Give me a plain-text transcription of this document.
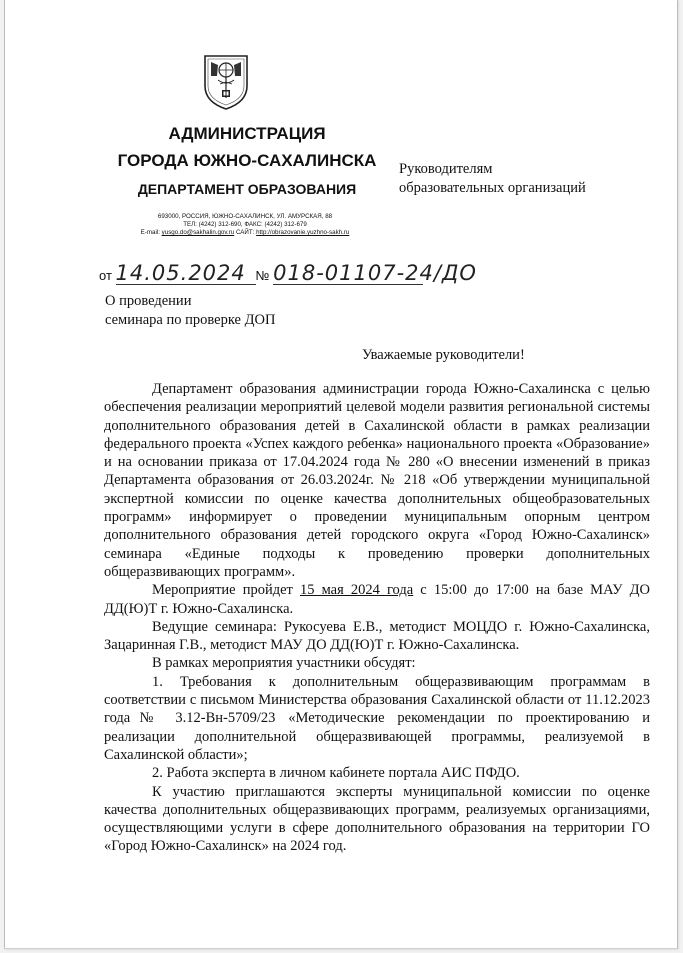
АДМИНИСТРАЦИЯ
ГОРОДА ЮЖНО-САХАЛИНСКА
ДЕПАРТАМЕНТ ОБРАЗОВАНИЯ
693000, РОССИЯ, ЮЖНО-САХАЛИНСК, УЛ. АМУРСКАЯ, 88
ТЕЛ: (4242) 312-690, ФАКС: (4242) 312-679
E-mail: yusgo.do@sakhalin.gov.ru САЙТ: http://obrazovanie.yuzhno-sakh.ru
Руководителям
образовательных организаций
от 14.05.2024 № 018-01107-24/ДО
О проведении
семинара по проверке ДОП
Уважаемые руководители!

Департамент образования администрации города Южно-Сахалинска с целью обеспечения реализации мероприятий целевой модели развития региональной системы дополнительного образования детей в Сахалинской области в рамках реализации федерального проекта «Успех каждого ребенка» национального проекта «Образование» и на основании приказа от 17.04.2024 года № 280 «О внесении изменений в приказ Департамента образования от 26.03.2024г. № 218 «Об утверждении муниципальной экспертной комиссии по оценке качества дополнительных общеобразовательных программ» информирует о проведении муниципальным опорным центром дополнительного образования детей городского округа «Город Южно-Сахалинск» семинара «Единые подходы к проведению проверки дополнительных общеразвивающих программ».

Мероприятие пройдет 15 мая 2024 года с 15:00 до 17:00 на базе МАУ ДО ДД(Ю)Т г. Южно-Сахалинска.

Ведущие семинара: Рукосуева Е.В., методист МОЦДО г. Южно-Сахалинска, Зацаринная Г.В., методист МАУ ДО ДД(Ю)Т г. Южно-Сахалинска.

В рамках мероприятия участники обсудят:

1. Требования к дополнительным общеразвивающим программам в соответствии с письмом Министерства образования Сахалинской области от 11.12.2023 года№ 3.12-Вн-5709/23 «Методические рекомендации по проектированию и реализации дополнительной общеразвивающей программы, реализуемой в Сахалинской области»;

2. Работа эксперта в личном кабинете портала АИС ПФДО.

К участию приглашаются эксперты муниципальной комиссии по оценке качества дополнительных общеразвивающих программ, реализуемых организациями, осуществляющими услуги в сфере дополнительного образования на территории ГО «Город Южно-Сахалинск» на 2024 год.
